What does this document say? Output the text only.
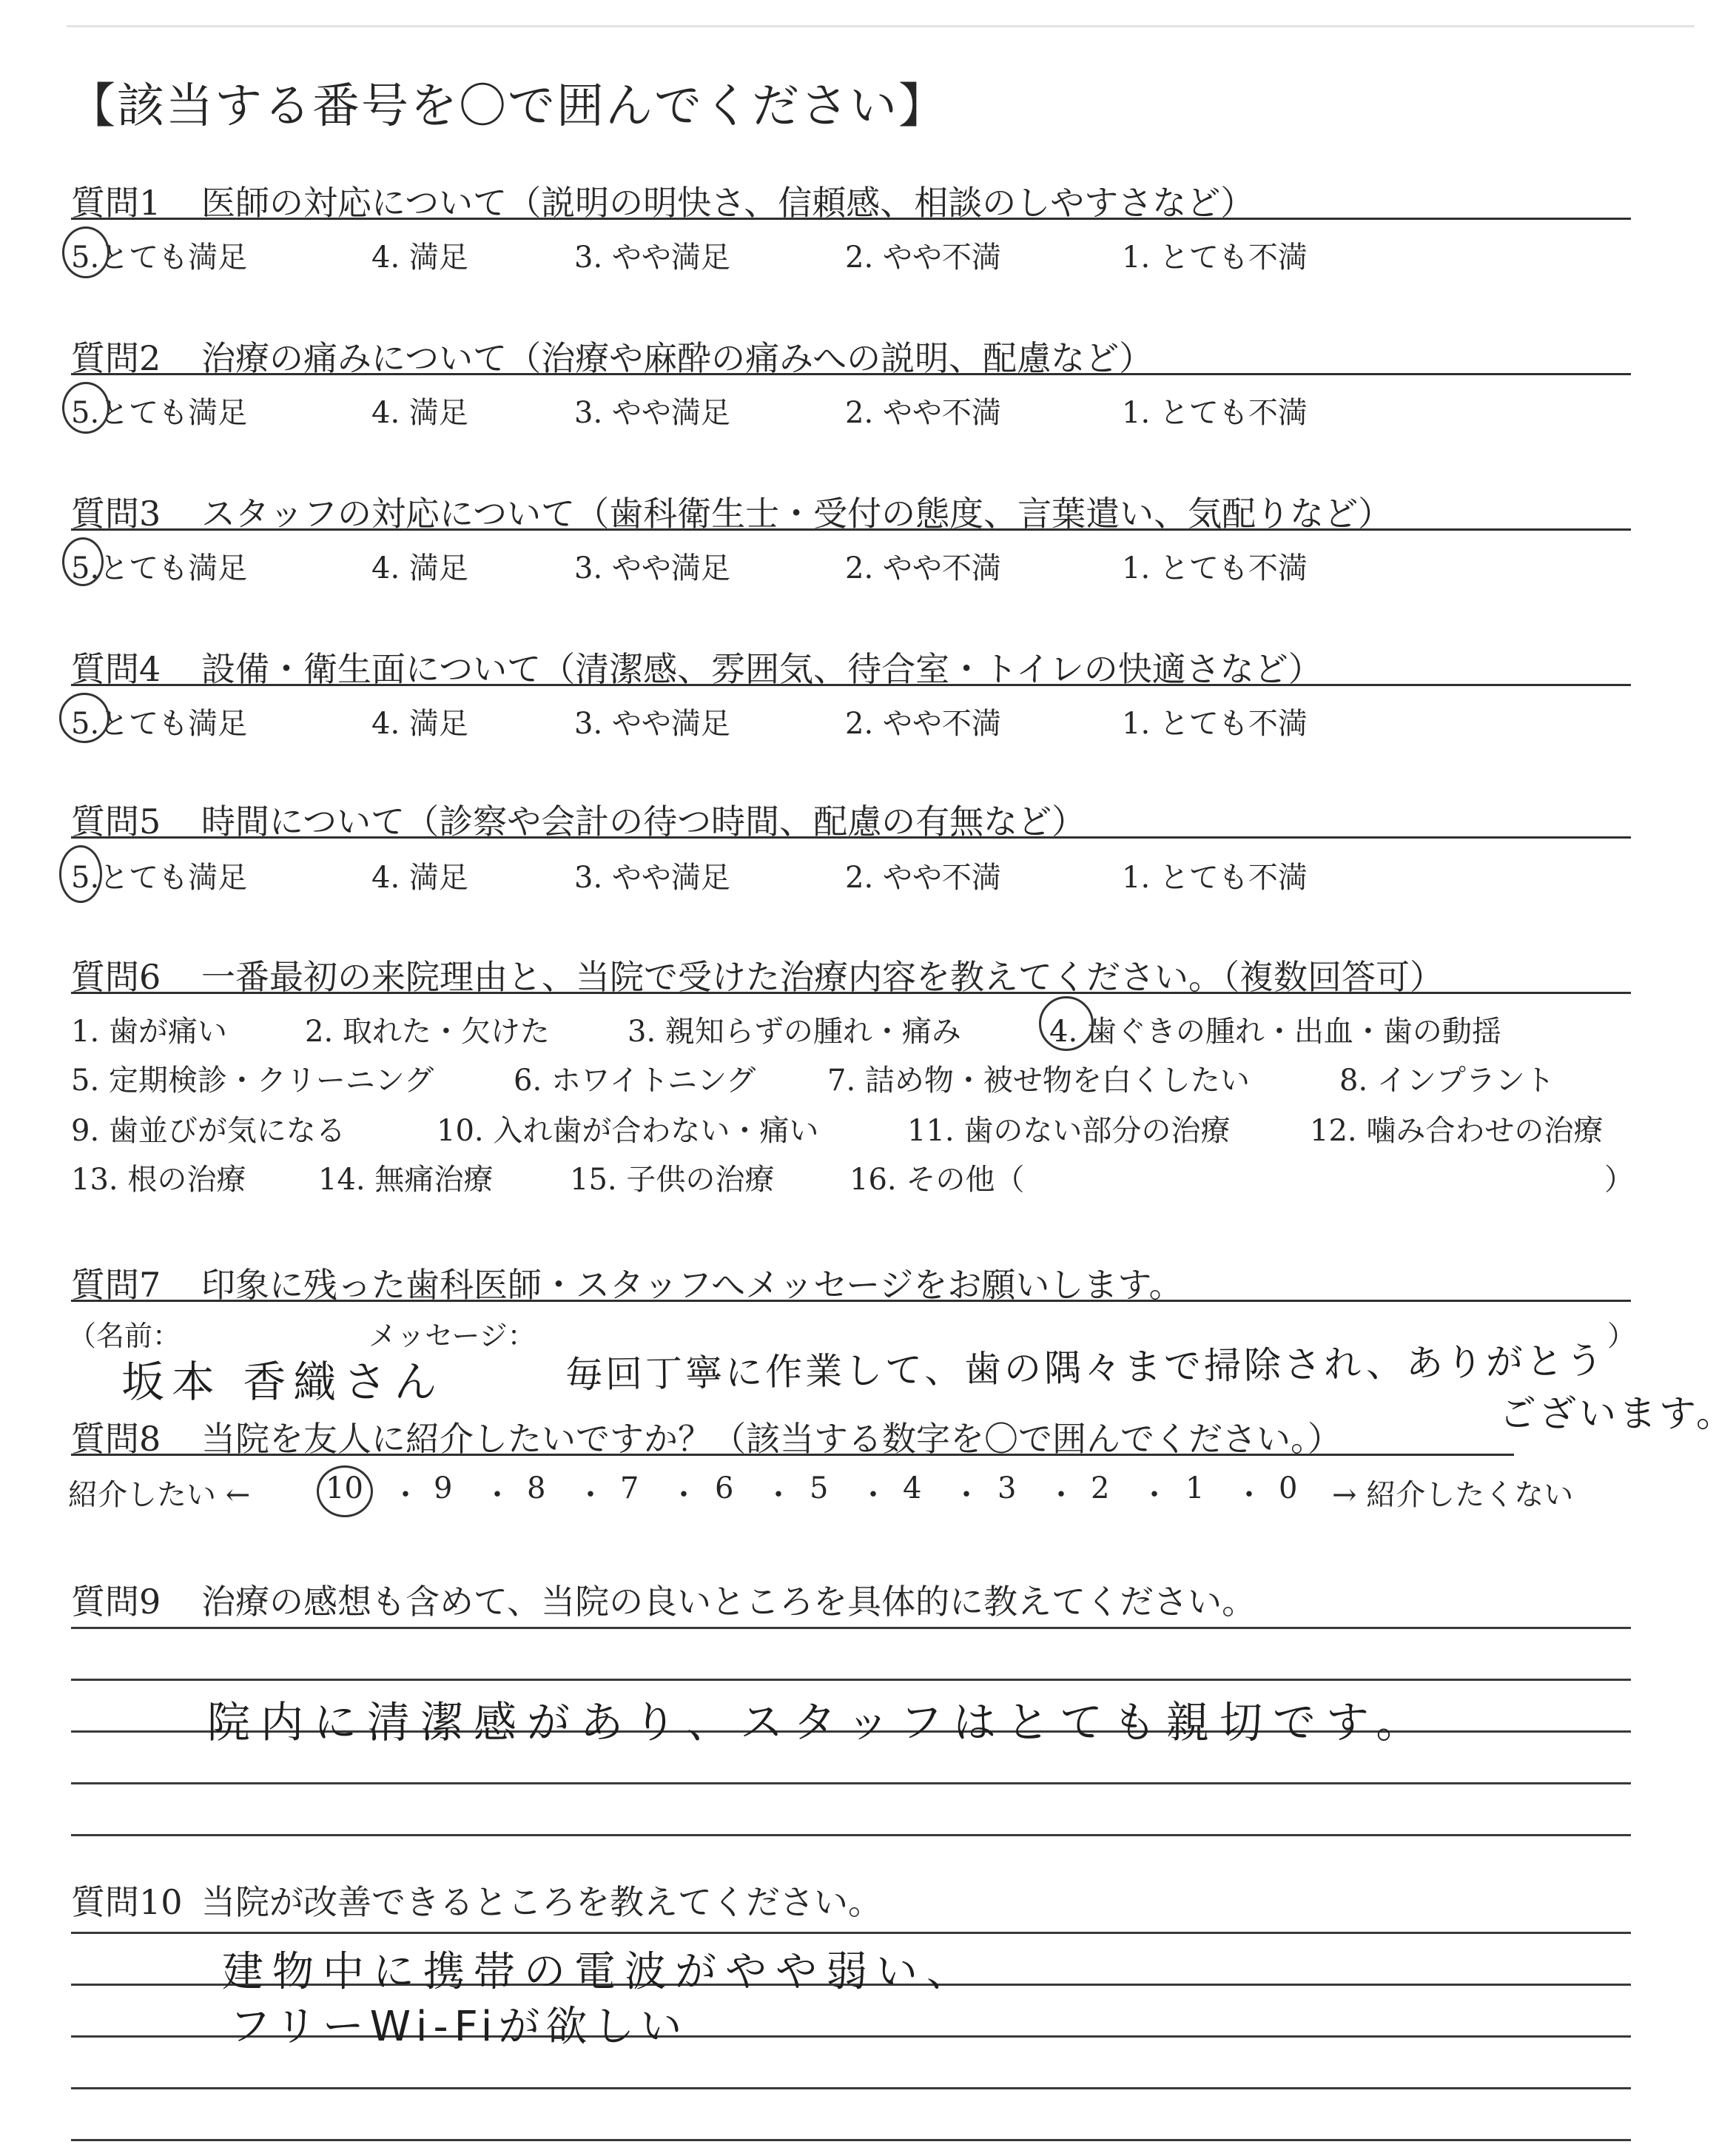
【該当する番号を〇で囲んでください】
質問1 医師の対応について（説明の明快さ、信頼感、相談のしやすさなど）
5.とても満足	4. 満足	3. やや満足	2. やや不満	1. とても不満
質問2 治療の痛みについて（治療や麻酔の痛みへの説明、配慮など）
5.とても満足	4. 満足	3. やや満足	2. やや不満	1. とても不満
質問3 スタッフの対応について（歯科衛生士・受付の態度、言葉遣い、気配りなど）
5.とても満足	4. 満足	3. やや満足	2. やや不満	1. とても不満
質問4 設備・衛生面について（清潔感、雰囲気、待合室・トイレの快適さなど）
5.とても満足	4. 満足	3. やや満足	2. やや不満	1. とても不満
質問5 時間について（診察や会計の待つ時間、配慮の有無など）
5.とても満足	4. 満足	3. やや満足	2. やや不満	1. とても不満
質問6 一番最初の来院理由と、当院で受けた治療内容を教えてください。（複数回答可）
1. 歯が痛い	2. 取れた・欠けた	3. 親知らずの腫れ・痛み	4. 歯ぐきの腫れ・出血・歯の動揺
5. 定期検診・クリーニング	6. ホワイトニング 7. 詰め物・被せ物を白くしたい	8. インプラント
9. 歯並びが気になる	10. 入れ歯が合わない・痛い	11. 歯のない部分の治療	12. 噛み合わせの治療
13. 根の治療 14. 無痛治療	15. 子供の治療	16. その他（	）
質問7 印象に残った歯科医師・スタッフへメッセージをお願いします。
（名前：	メッセージ：	）
坂本 香織さん	毎回丁寧に作業して、歯の隅々まで掃除され、ありがとう
ございます。
質問8 当院を友人に紹介したいですか？（該当する数字を〇で囲んでください。）
紹介したい ←	10 ・ 9 ・ 8 ・ 7 ・ 6 ・ 5 ・ 4 ・ 3 ・ 2 ・ 1 ・ 0 → 紹介したくない
質問9 治療の感想も含めて、当院の良いところを具体的に教えてください。
院内に清潔感があり、スタッフはとても親切です。
質問10 当院が改善できるところを教えてください。
建物中に携帯の電波がやや弱い、
フリーWi-Fiが欲しい
